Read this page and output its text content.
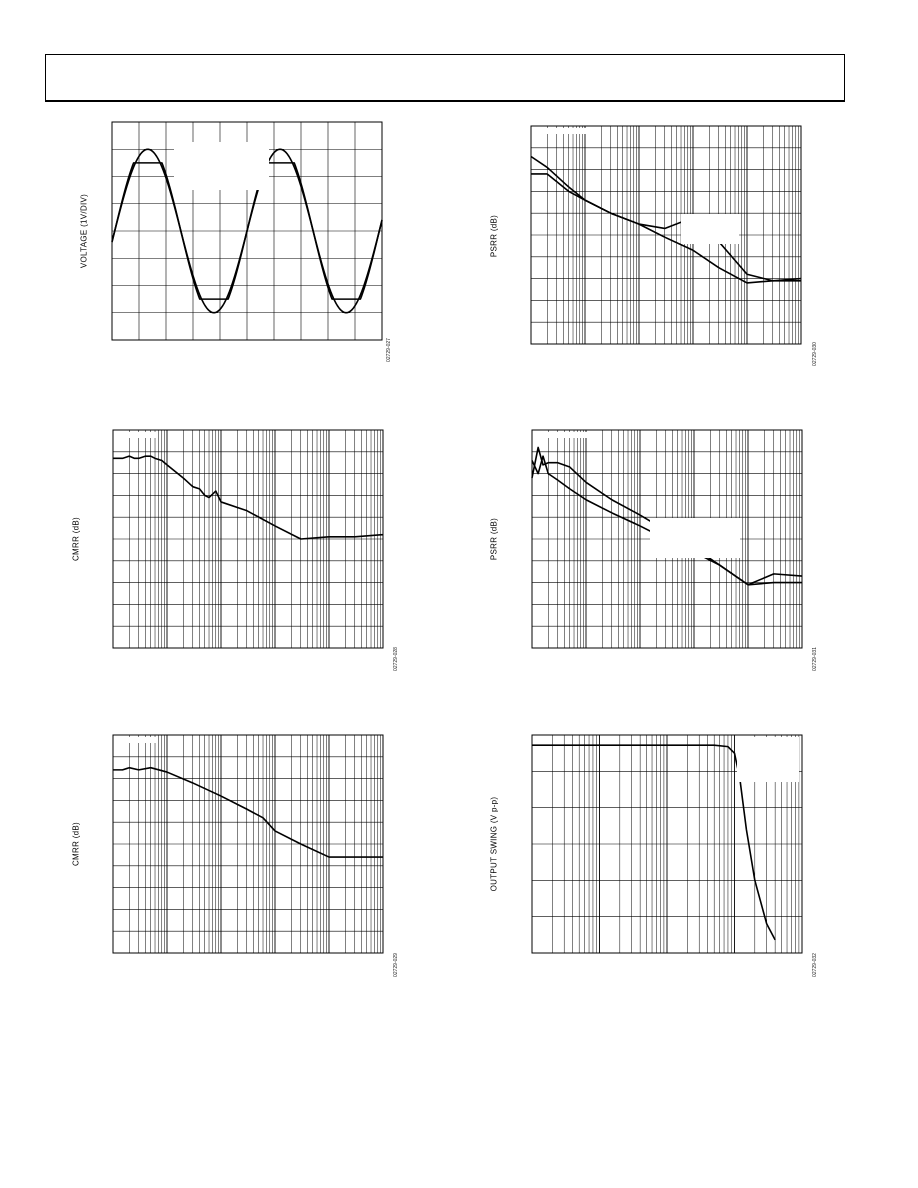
VOLTAGE (1V/DIV)
02729-027
PSRR (dB)
02729-030
CMRR (dB)
02729-028
PSRR (dB)
02729-031
CMRR (dB)
02729-029
OUTPUT SWING (V p-p)
02729-032
